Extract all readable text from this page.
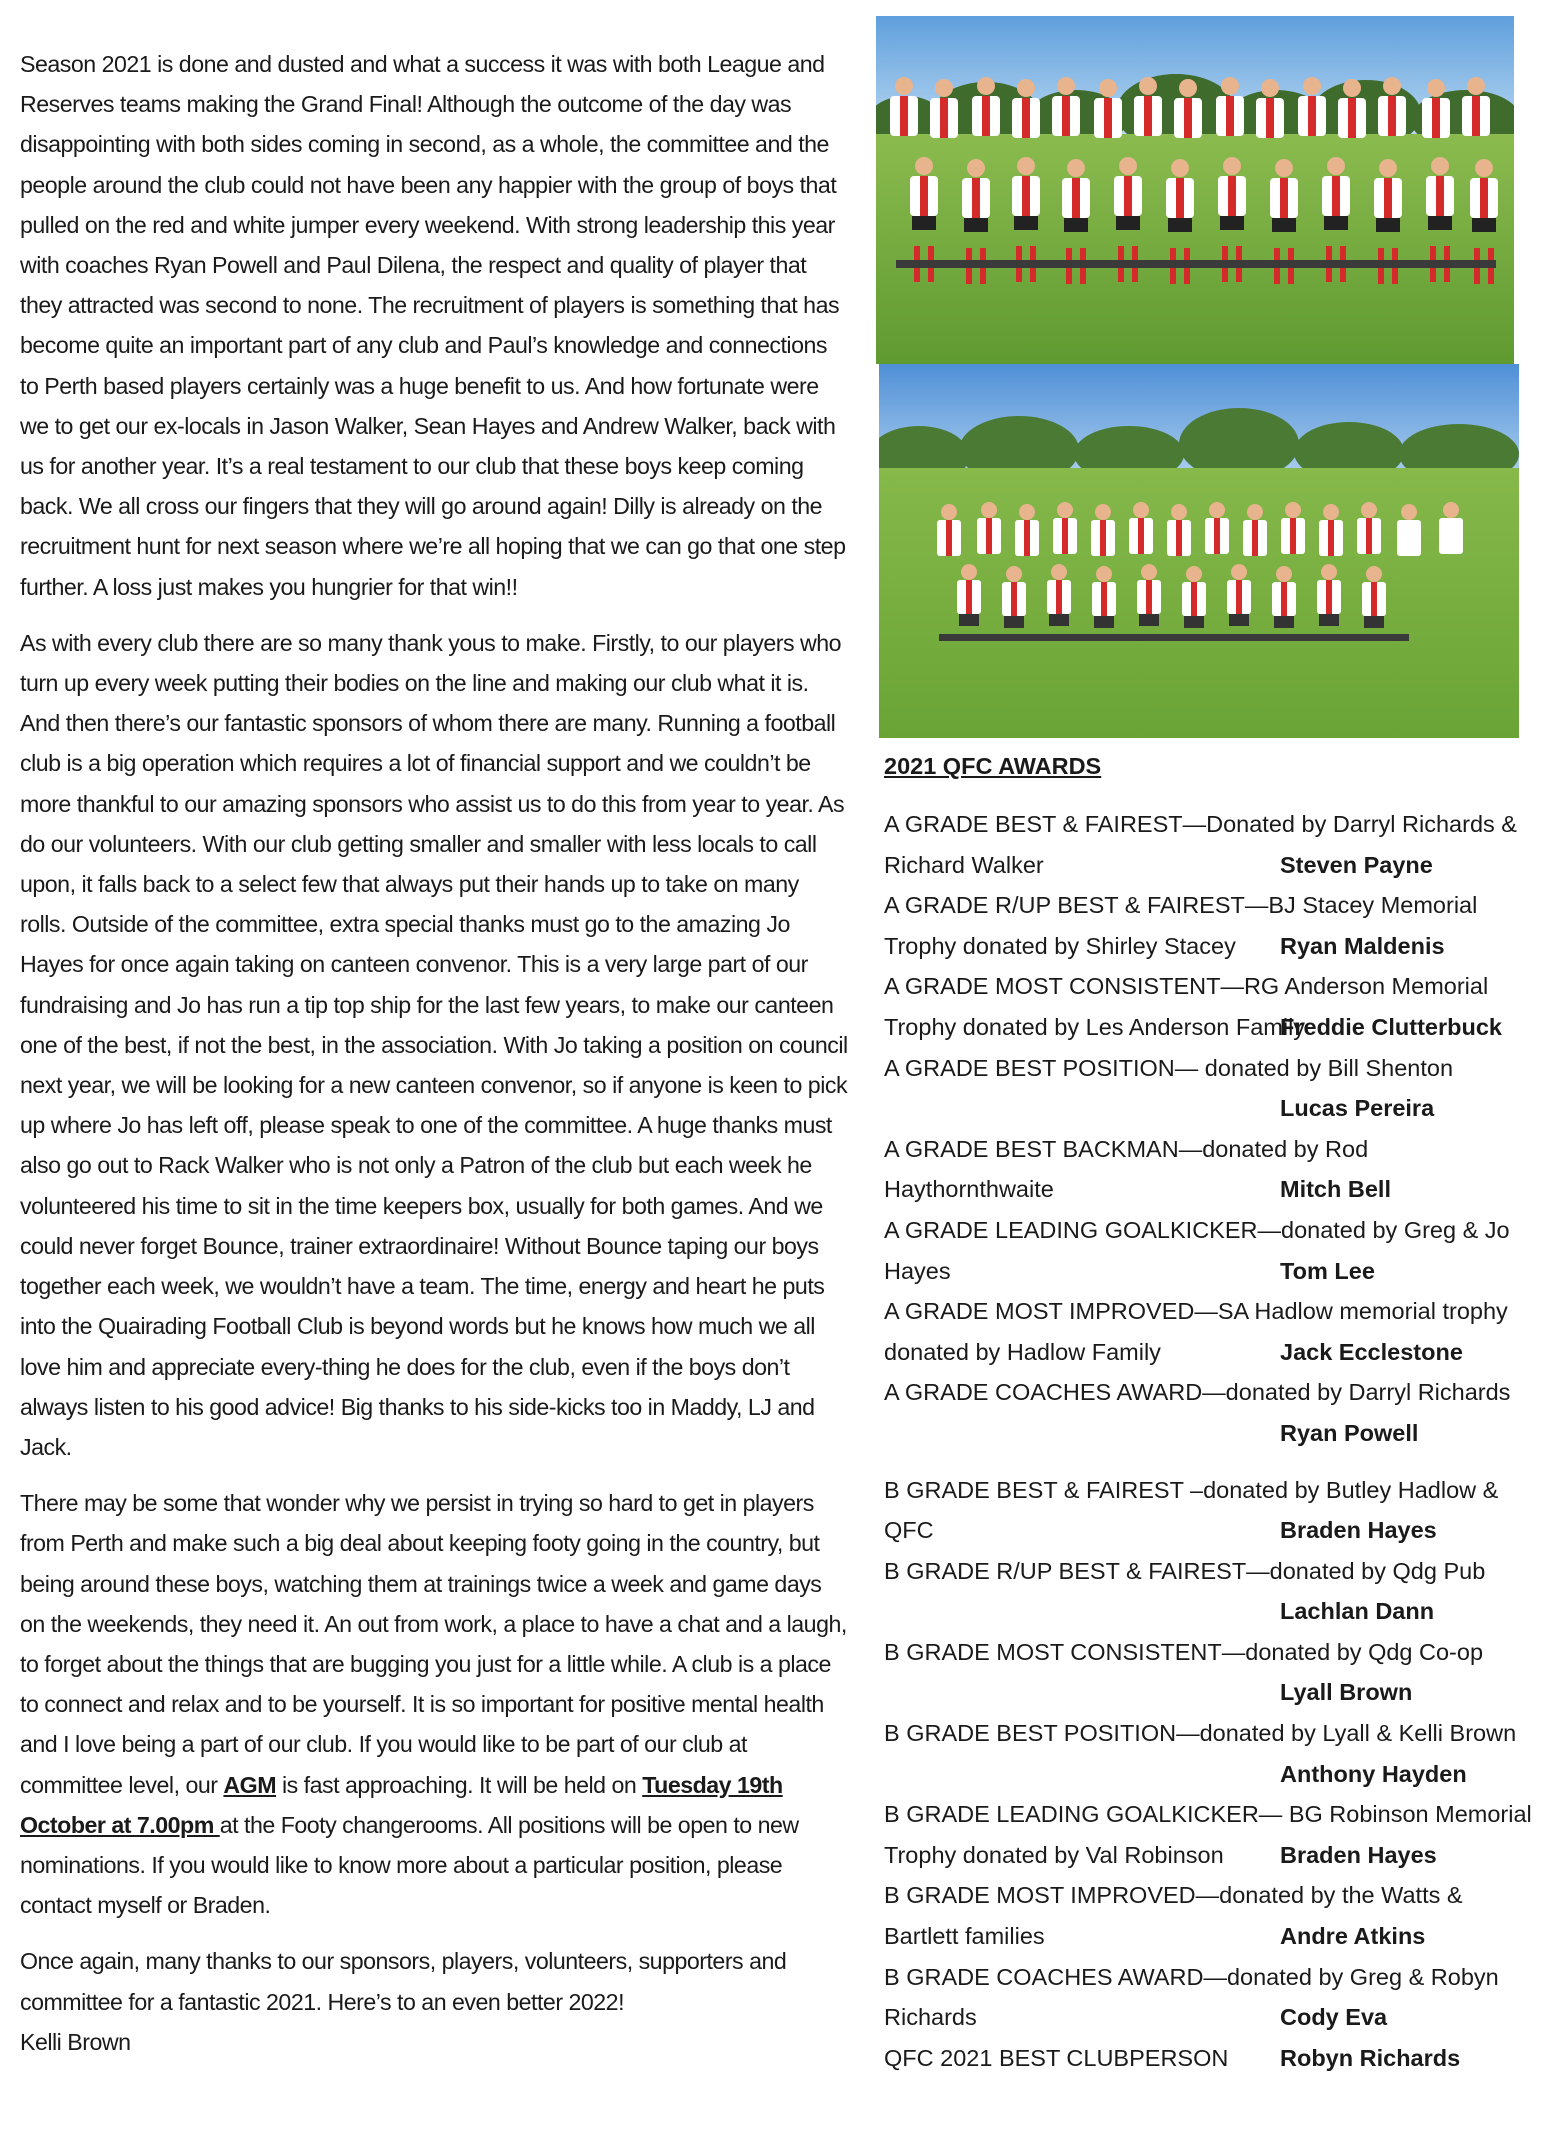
Season 2021 is done and dusted and what a success it was with both League and Reserves teams making the Grand Final! Although the outcome of the day was disappointing with both sides coming in second, as a whole, the committee and the people around the club could not have been any happier with the group of boys that pulled on the red and white jumper every weekend. With strong leadership this year with coaches Ryan Powell and Paul Dilena, the respect and quality of player that they attracted was second to none. The recruitment of players is something that has become quite an important part of any club and Paul’s knowledge and connections to Perth based players certainly was a huge benefit to us. And how fortunate were we to get our ex-locals in Jason Walker, Sean Hayes and Andrew Walker, back with us for another year. It’s a real testament to our club that these boys keep coming back. We all cross our fingers that they will go around again! Dilly is already on the recruitment hunt for next season where we’re all hoping that we can go that one step further. A loss just makes you hungrier for that win!!

As with every club there are so many thank yous to make. Firstly, to our players who turn up every week putting their bodies on the line and making our club what it is. And then there’s our fantastic sponsors of whom there are many. Running a football club is a big operation which requires a lot of financial support and we couldn’t be more thankful to our amazing sponsors who assist us to do this from year to year. As do our volunteers. With our club getting smaller and smaller with less locals to call upon, it falls back to a select few that always put their hands up to take on many rolls. Outside of the committee, extra special thanks must go to the amazing Jo Hayes for once again taking on canteen convenor. This is a very large part of our fundraising and Jo has run a tip top ship for the last few years, to make our canteen one of the best, if not the best, in the association. With Jo taking a position on council next year, we will be looking for a new canteen convenor, so if anyone is keen to pick up where Jo has left off, please speak to one of the committee. A huge thanks must also go out to Rack Walker who is not only a Patron of the club but each week he volunteered his time to sit in the time keepers box, usually for both games. And we could never forget Bounce, trainer extraordinaire! Without Bounce taping our boys together each week, we wouldn’t have a team. The time, energy and heart he puts into the Quairading Football Club is beyond words but he knows how much we all love him and appreciate every-thing he does for the club, even if the boys don’t always listen to his good advice! Big thanks to his side-kicks too in Maddy, LJ and Jack.

There may be some that wonder why we persist in trying so hard to get in players from Perth and make such a big deal about keeping footy going in the country, but being around these boys, watching them at trainings twice a week and game days on the weekends, they need it. An out from work, a place to have a chat and a laugh, to forget about the things that are bugging you just for a little while. A club is a place to connect and relax and to be yourself. It is so important for positive mental health and I love being a part of our club. If you would like to be part of our club at committee level, our AGM is fast approaching. It will be held on Tuesday 19th October at 7.00pm at the Footy changerooms. All positions will be open to new nominations. If you would like to know more about a particular position, please contact myself or Braden.

Once again, many thanks to our sponsors, players, volunteers, supporters and committee for a fantastic 2021. Here’s to an even better 2022!

Kelli Brown

2021 QFC AWARDS
A GRADE BEST & FAIREST—Donated by Darryl Richards &
Richard Walker	Steven Payne
A GRADE R/UP BEST & FAIREST—BJ Stacey Memorial
Trophy donated by Shirley Stacey Ryan Maldenis
A GRADE MOST CONSISTENT—RG Anderson Memorial
Trophy donated by Les Anderson Family
Freddie Clutterbuck
A GRADE BEST POSITION— donated by Bill Shenton
Lucas Pereira
A GRADE BEST BACKMAN—donated by Rod
Haythornthwaite	Mitch Bell
A GRADE LEADING GOALKICKER—donated by Greg & Jo
Hayes	Tom Lee
A GRADE MOST IMPROVED—SA Hadlow memorial trophy
donated by Hadlow Family	Jack Ecclestone
A GRADE COACHES AWARD—donated by Darryl Richards
Ryan Powell
B GRADE BEST & FAIREST –donated by Butley Hadlow &
QFC	Braden Hayes
B GRADE R/UP BEST & FAIREST—donated by Qdg Pub
Lachlan Dann
B GRADE MOST CONSISTENT—donated by Qdg Co-op
Lyall Brown
B GRADE BEST POSITION—donated by Lyall & Kelli Brown
Anthony Hayden
B GRADE LEADING GOALKICKER— BG Robinson Memorial
Trophy donated by Val Robinson Braden Hayes
B GRADE MOST IMPROVED—donated by the Watts &
Bartlett families	Andre Atkins
B GRADE COACHES AWARD—donated by Greg & Robyn
Richards	Cody Eva
QFC 2021 BEST CLUBPERSON Robyn Richards
